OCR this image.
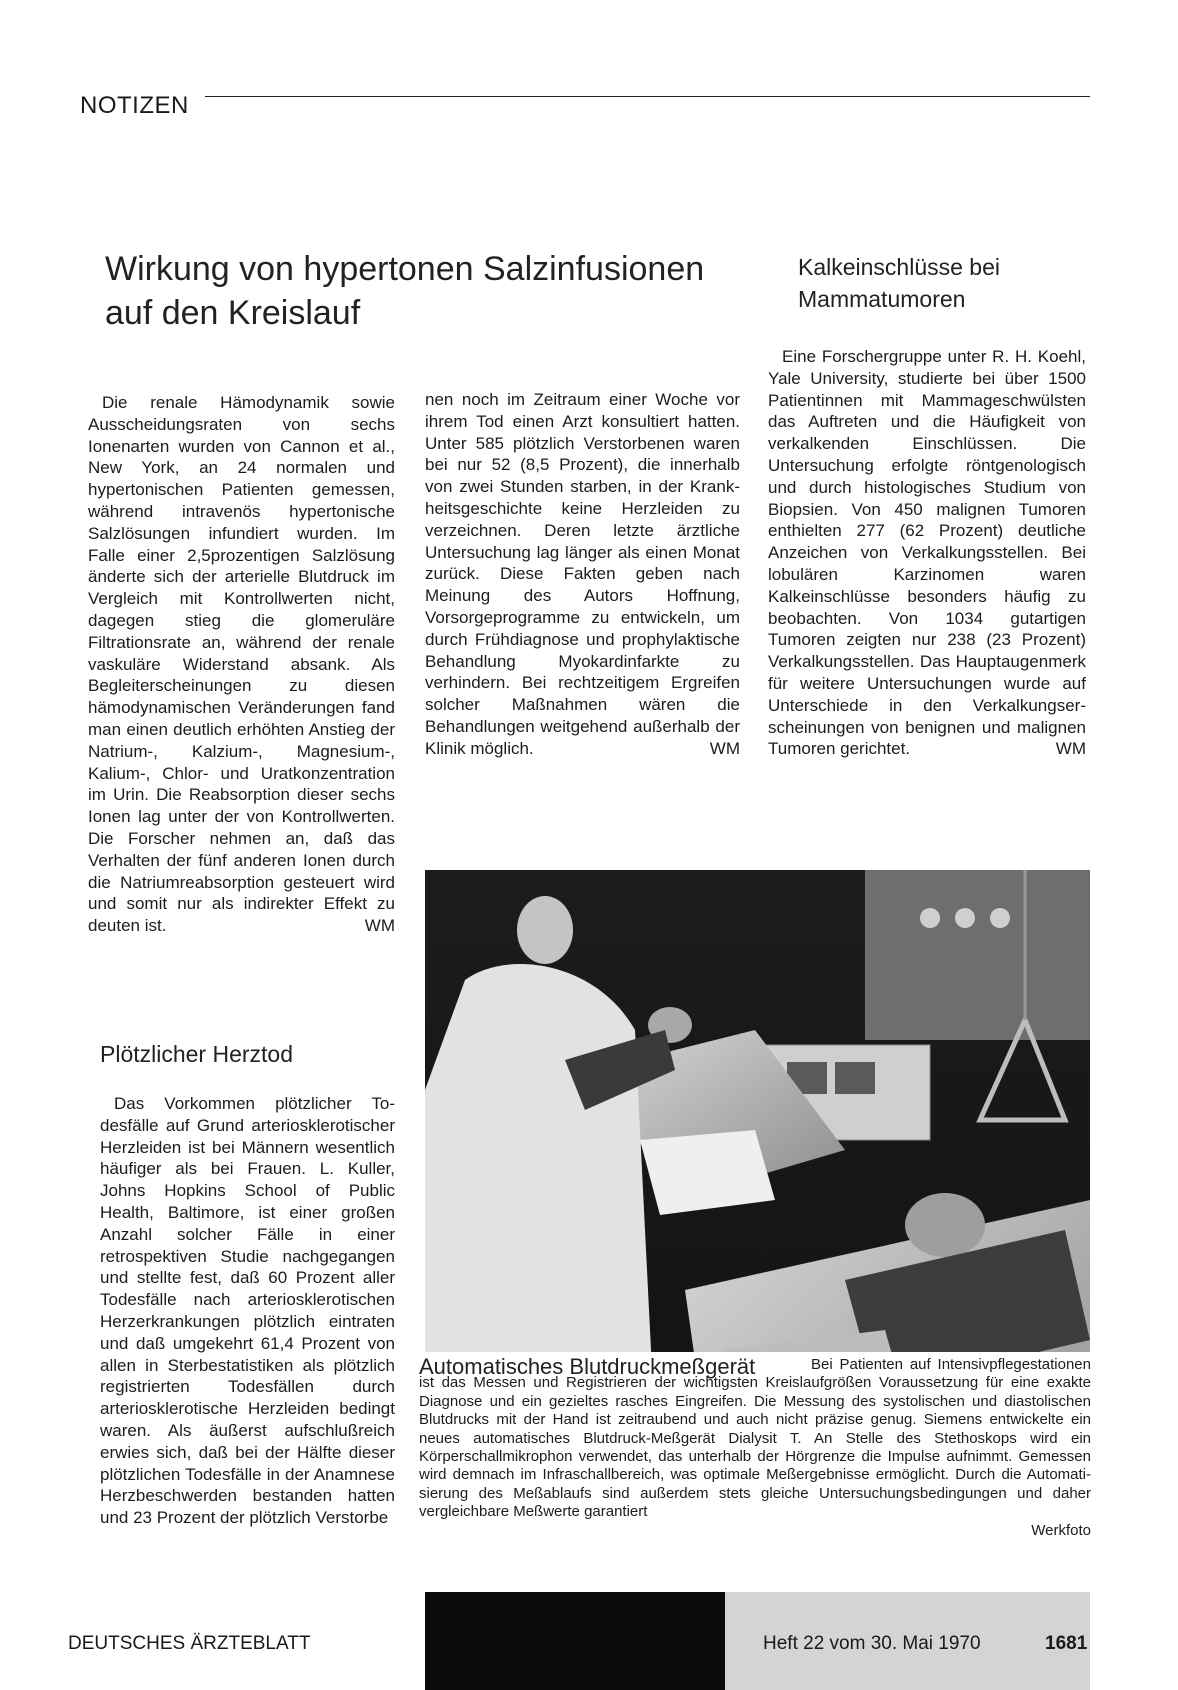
NOTIZEN
Wirkung von hypertonen Salzinfusionen
auf den Kreislauf
Kalkeinschlüsse bei
Mammatumoren

Die renale Hämodynamik sowie Ausscheidungsraten von sechs Ionenarten wurden von Cannon et al., New York, an 24 normalen und hypertonischen Patienten gemessen, während intravenös hypertonische Salzlösungen infundiert wurden. Im Falle einer 2,5prozentigen Salzlösung änderte sich der arterielle Blutdruck im Vergleich mit Kontrollwerten nicht, dagegen stieg die glomeruläre Filtrationsrate an, während der renale vaskuläre Widerstand absank. Als Begleiterscheinungen zu diesen hämodynamischen Veränderungen fand man einen deutlich erhöhten Anstieg der Natrium-, Kalzium-, Magnesium-, Kalium-, Chlor- und Uratkonzentration im Urin. Die Reabsorption dieser sechs Ionen lag unter der von Kontrollwerten. Die Forscher nehmen an, daß das Verhalten der fünf anderen Ionen durch die Natriumreabsorption gesteuert wird und somit nur als indirekter Effekt zu deuten ist.	WM

Plötzlicher Herztod

Das Vorkommen plötzlicher Todesfälle auf Grund arteriosklerotischer Herzleiden ist bei Männern wesentlich häufiger als bei Frauen. L. Kuller, Johns Hopkins School of Public Health, Baltimore, ist einer großen Anzahl solcher Fälle in einer retrospektiven Studie nachgegangen und stellte fest, daß 60 Prozent aller Todesfälle nach arteriosklerotischen Herzerkrankungen plötzlich eintraten und daß umgekehrt 61,4 Prozent von allen in Sterbestatistiken als plötzlich registrierten Todesfällen durch arteriosklerotische Herzleiden bedingt waren. Als äußerst aufschlußreich erwies sich, daß bei der Hälfte dieser plötzlichen Todesfälle in der Anamnese Herzbeschwerden bestanden hatten und 23 Prozent der plötzlich Verstorbe

nen noch im Zeitraum einer Woche vor ihrem Tod einen Arzt konsultiert hatten. Unter 585 plötzlich Verstorbenen waren bei nur 52 (8,5 Prozent), die innerhalb von zwei Stunden starben, in der Krankheitsgeschichte keine Herzleiden zu verzeichnen. Deren letzte ärztliche Untersuchung lag länger als einen Monat zurück. Diese Fakten geben nach Meinung des Autors Hoffnung, Vorsorgeprogramme zu entwickeln, um durch Frühdiagnose und prophylaktische Behandlung Myokardinfarkte zu verhindern. Bei rechtzeitigem Ergreifen solcher Maßnahmen wären die Behandlungen weitgehend außerhalb der Klinik möglich.	WM

Eine Forschergruppe unter R. H. Koehl, Yale University, studierte bei über 1500 Patientinnen mit Mammageschwülsten das Auftreten und die Häufigkeit von verkalkenden Einschlüssen. Die Untersuchung erfolgte röntgenologisch und durch histologisches Studium von Biopsien. Von 450 malignen Tumoren enthielten 277 (62 Prozent) deutliche Anzeichen von Verkalkungsstellen. Bei lobulären Karzinomen waren Kalkeinschlüsse besonders häufig zu beobachten. Von 1034 gutartigen Tumoren zeigten nur 238 (23 Prozent) Verkalkungsstellen. Das Hauptaugenmerk für weitere Untersuchungen wurde auf Unterschiede in den Verkalkungserscheinungen von benignen und malignen Tumoren gerichtet.	WM

Automatisches Blutdruckmeßgerät	Bei Patienten auf Intensivpflegestationen ist das Messen und Registrieren der wichtigsten Kreislaufgrößen Voraussetzung für eine exakte Diagnose und ein gezieltes rasches Eingreifen. Die Messung des systolischen und diastolischen Blutdrucks mit der Hand ist zeitraubend und auch nicht präzise genug. Siemens entwickelte ein neues automatisches Blutdruck-Meßgerät Dialysit T. An Stelle des Stethoskops wird ein Körperschallmikrophon verwendet, das unterhalb der Hörgrenze die Impulse aufnimmt. Gemessen wird demnach im Infraschallbereich, was optimale Meßergebnisse ermöglicht. Durch die Automatisierung des Meßablaufs sind außerdem stets gleiche Untersuchungsbedingungen und daher vergleichbare Meßwerte garantiert
Werkfoto
DEUTSCHES ÄRZTEBLATT	Heft 22 vom 30. Mai 1970	1681
